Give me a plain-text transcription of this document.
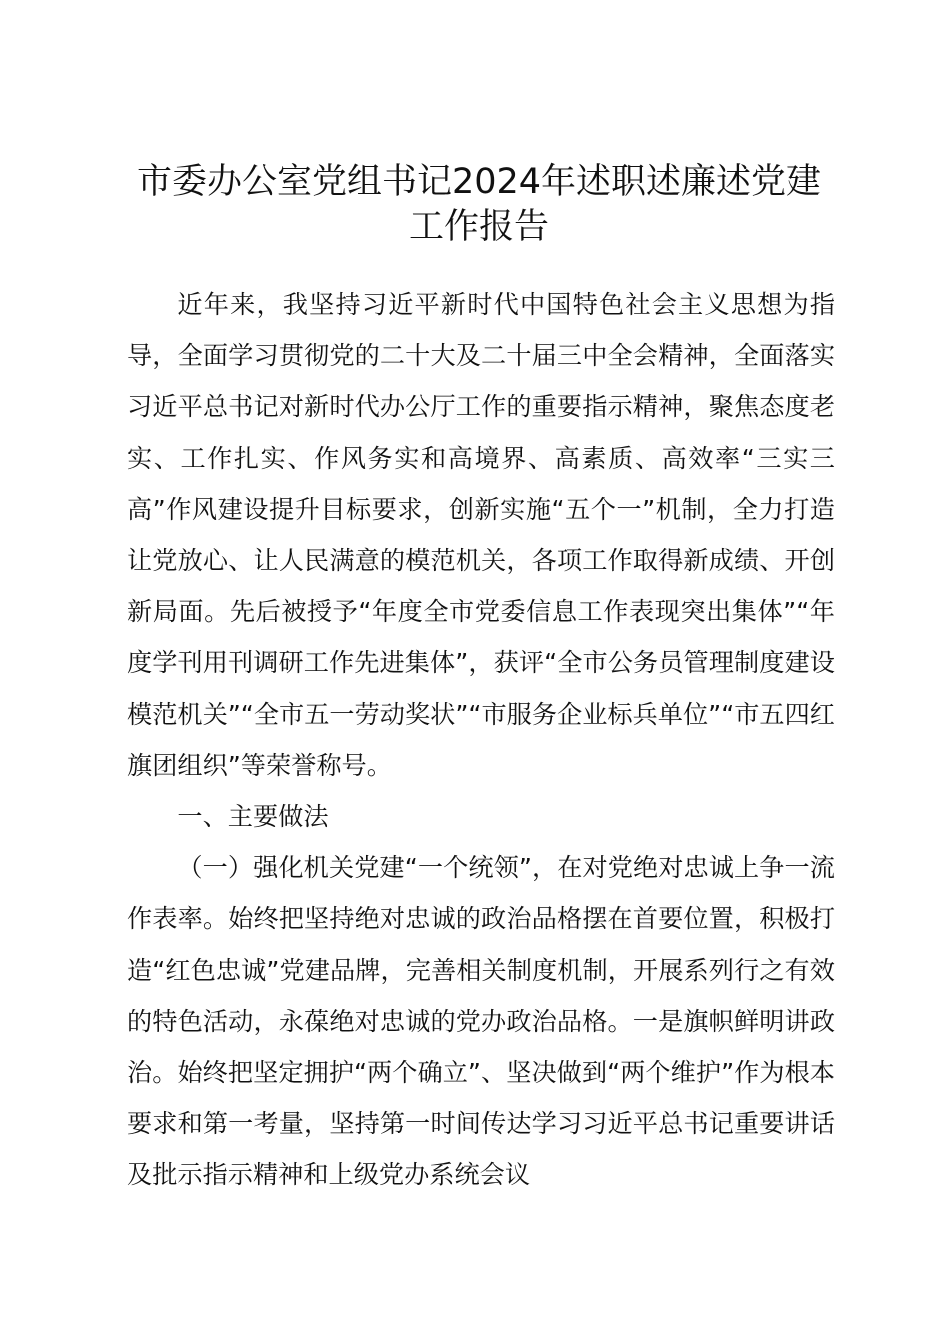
市委办公室党组书记2024年述职述廉述党建
工作报告

近年来，我坚持习近平新时代中国特色社会主义思想为指导，全面学习贯彻党的二十大及二十届三中全会精神，全面落实习近平总书记对新时代办公厅工作的重要指示精神，聚焦态度老实、工作扎实、作风务实和高境界、高素质、高效率“三实三高”作风建设提升目标要求，创新实施“五个一”机制，全力打造让党放心、让人民满意的模范机关，各项工作取得新成绩、开创新局面。先后被授予“年度全市党委信息工作表现突出集体”“年度学刊用刊调研工作先进集体”，获评“全市公务员管理制度建设模范机关”“全市五一劳动奖状”“市服务企业标兵单位”“市五四红旗团组织”等荣誉称号。

一、主要做法

（一）强化机关党建“一个统领”，在对党绝对忠诚上争一流作表率。始终把坚持绝对忠诚的政治品格摆在首要位置，积极打造“红色忠诚”党建品牌，完善相关制度机制，开展系列行之有效的特色活动，永葆绝对忠诚的党办政治品格。一是旗帜鲜明讲政治。始终把坚定拥护“两个确立”、坚决做到“两个维护”作为根本要求和第一考量，坚持第一时间传达学习习近平总书记重要讲话及批示指示精神和上级党办系统会议
